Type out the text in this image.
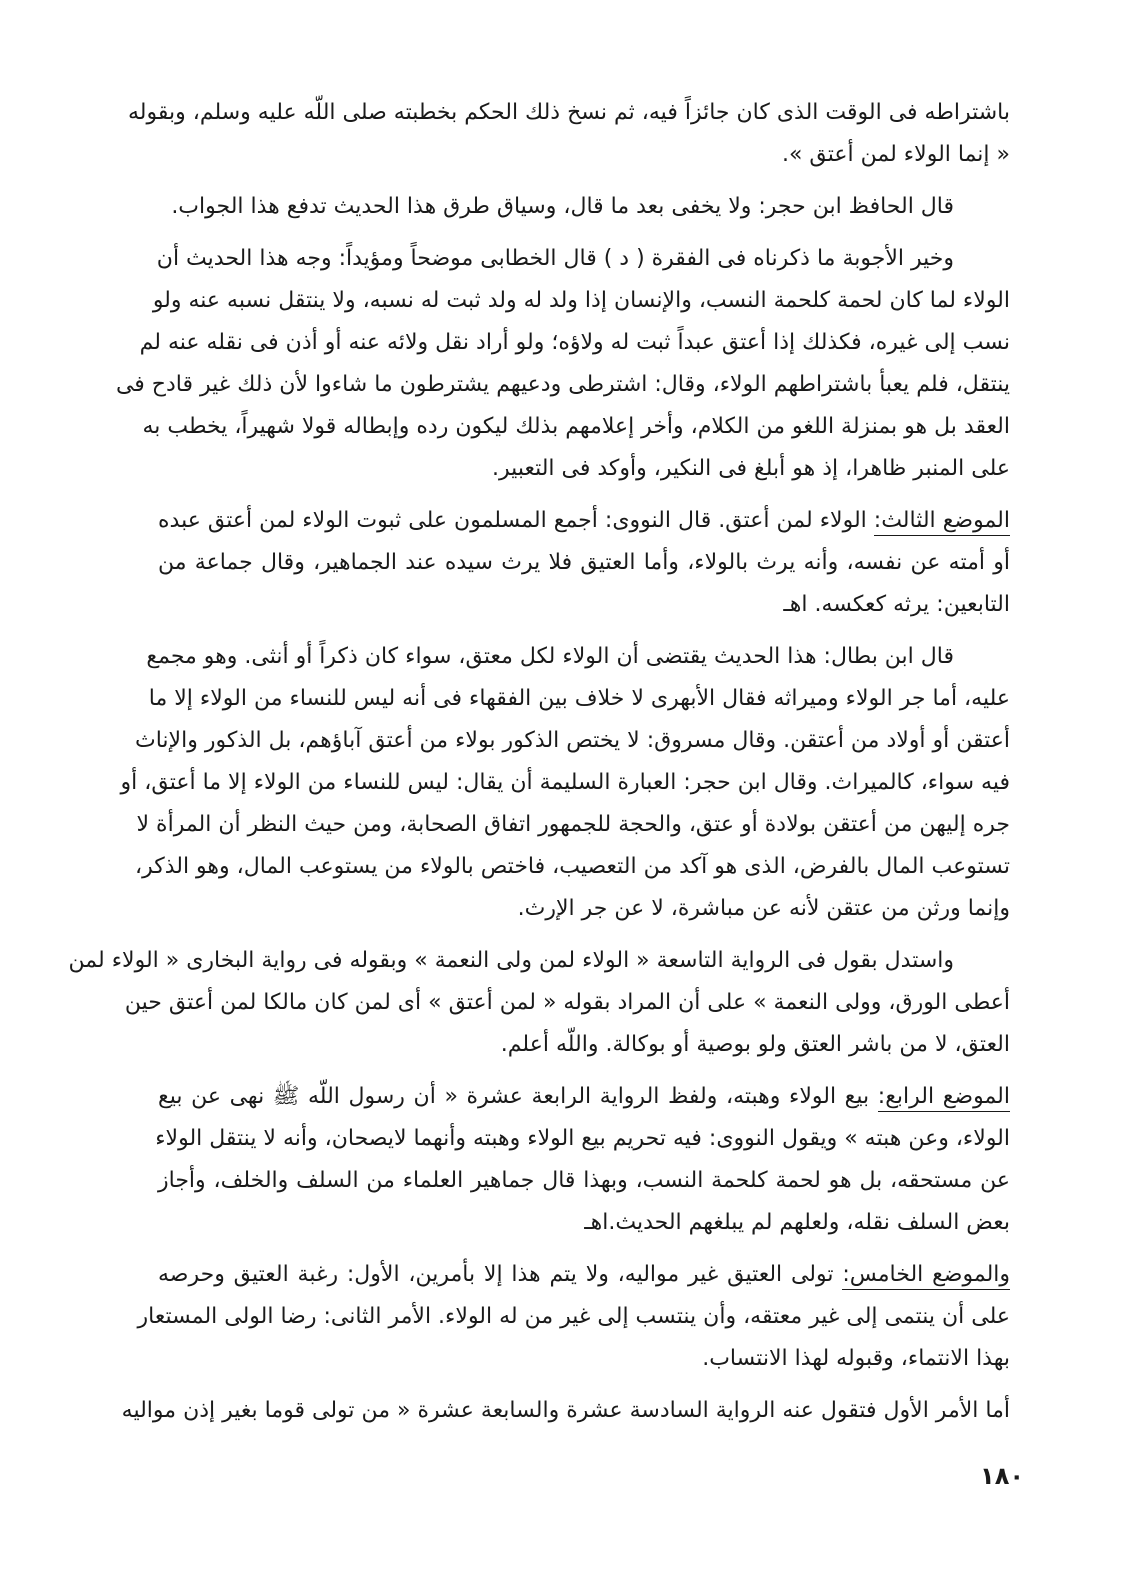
باشتراطه فى الوقت الذى كان جائزاً فيه، ثم نسخ ذلك الحكم بخطبته صلى اللّه عليه وسلم، وبقوله
« إنما الولاء لمن أعتق ».
قال الحافظ ابن حجر: ولا يخفى بعد ما قال، وسياق طرق هذا الحديث تدفع هذا الجواب.
وخير الأجوبة ما ذكرناه فى الفقرة ( د ) قال الخطابى موضحاً ومؤيداً: وجه هذا الحديث أن
الولاء لما كان لحمة كلحمة النسب، والإنسان إذا ولد له ولد ثبت له نسبه، ولا ينتقل نسبه عنه ولو
نسب إلى غيره، فكذلك إذا أعتق عبداً ثبت له ولاؤه؛ ولو أراد نقل ولائه عنه أو أذن فى نقله عنه لم
ينتقل، فلم يعبأ باشتراطهم الولاء، وقال: اشترطى ودعيهم يشترطون ما شاءوا لأن ذلك غير قادح فى
العقد بل هو بمنزلة اللغو من الكلام، وأخر إعلامهم بذلك ليكون رده وإبطاله قولا شهيراً، يخطب به
على المنبر ظاهرا، إذ هو أبلغ فى النكير، وأوكد فى التعبير.
الموضع الثالث: الولاء لمن أعتق. قال النووى: أجمع المسلمون على ثبوت الولاء لمن أعتق عبده
أو أمته عن نفسه، وأنه يرث بالولاء، وأما العتيق فلا يرث سيده عند الجماهير، وقال جماعة من
التابعين: يرثه كعكسه. اهـ
قال ابن بطال: هذا الحديث يقتضى أن الولاء لكل معتق، سواء كان ذكراً أو أنثى. وهو مجمع
عليه، أما جر الولاء وميراثه فقال الأبهرى لا خلاف بين الفقهاء فى أنه ليس للنساء من الولاء إلا ما
أعتقن أو أولاد من أعتقن. وقال مسروق: لا يختص الذكور بولاء من أعتق آباؤهم، بل الذكور والإناث
فيه سواء، كالميراث. وقال ابن حجر: العبارة السليمة أن يقال: ليس للنساء من الولاء إلا ما أعتق، أو
جره إليهن من أعتقن بولادة أو عتق، والحجة للجمهور اتفاق الصحابة، ومن حيث النظر أن المرأة لا
تستوعب المال بالفرض، الذى هو آكد من التعصيب، فاختص بالولاء من يستوعب المال، وهو الذكر،
وإنما ورثن من عتقن لأنه عن مباشرة، لا عن جر الإرث.
واستدل بقول فى الرواية التاسعة « الولاء لمن ولى النعمة » وبقوله فى رواية البخارى « الولاء لمن
أعطى الورق، وولى النعمة » على أن المراد بقوله « لمن أعتق » أى لمن كان مالكا لمن أعتق حين
العتق، لا من باشر العتق ولو بوصية أو بوكالة. واللّه أعلم.
الموضع الرابع: بيع الولاء وهبته، ولفظ الرواية الرابعة عشرة « أن رسول اللّه ﷺ نهى عن بيع
الولاء، وعن هبته » ويقول النووى: فيه تحريم بيع الولاء وهبته وأنهما لايصحان، وأنه لا ينتقل الولاء
عن مستحقه، بل هو لحمة كلحمة النسب، وبهذا قال جماهير العلماء من السلف والخلف، وأجاز
بعض السلف نقله، ولعلهم لم يبلغهم الحديث.اهـ
والموضع الخامس: تولى العتيق غير مواليه، ولا يتم هذا إلا بأمرين، الأول: رغبة العتيق وحرصه
على أن ينتمى إلى غير معتقه، وأن ينتسب إلى غير من له الولاء. الأمر الثانى: رضا الولى المستعار
بهذا الانتماء، وقبوله لهذا الانتساب.
أما الأمر الأول فتقول عنه الرواية السادسة عشرة والسابعة عشرة « من تولى قوما بغير إذن مواليه
١٨٠
